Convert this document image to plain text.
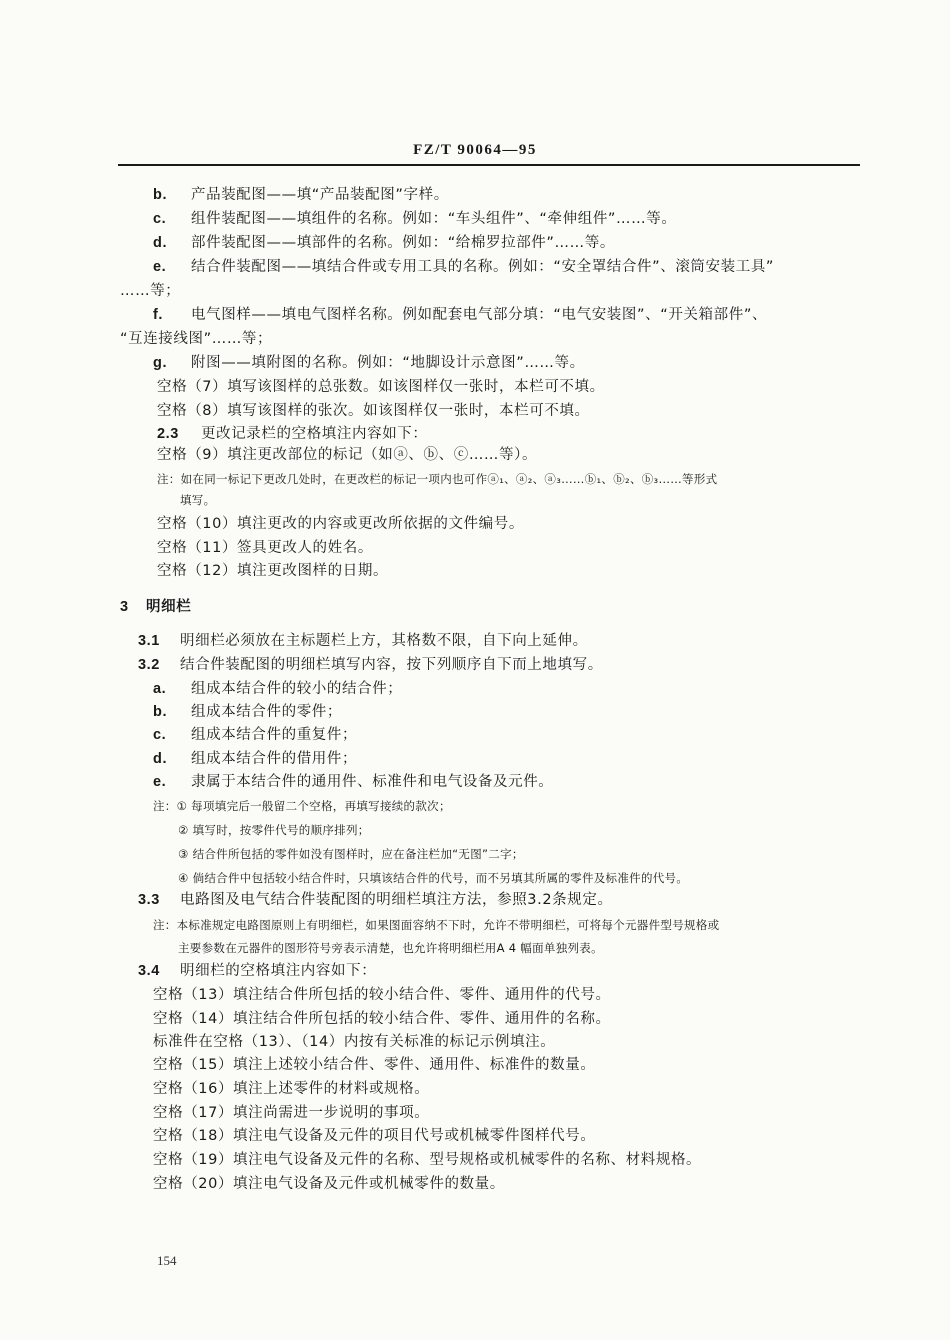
FZ/T 90064—95
b. 产品装配图——填“产品装配图”字样。
c. 组件装配图——填组件的名称。例如：“车头组件”、“牵伸组件”……等。
d. 部件装配图——填部件的名称。例如：“给棉罗拉部件”……等。
e. 结合件装配图——填结合件或专用工具的名称。例如：“安全罩结合件”、滚筒安装工具”
……等；
f. 电气图样——填电气图样名称。例如配套电气部分填：“电气安装图”、“开关箱部件”、
“互连接线图”……等；
g. 附图——填附图的名称。例如：“地脚设计示意图”……等。
空格（7）填写该图样的总张数。如该图样仅一张时，本栏可不填。
空格（8）填写该图样的张次。如该图样仅一张时，本栏可不填。
2.3 更改记录栏的空格填注内容如下：
空格（9）填注更改部位的标记（如ⓐ、ⓑ、ⓒ……等）。
注：如在同一标记下更改几处时，在更改栏的标记一项内也可作ⓐ₁、ⓐ₂、ⓐ₃……ⓑ₁、ⓑ₂、ⓑ₃……等形式
填写。
空格（10）填注更改的内容或更改所依据的文件编号。
空格（11）签具更改人的姓名。
空格（12）填注更改图样的日期。
3 明细栏
3.1 明细栏必须放在主标题栏上方，其格数不限，自下向上延伸。
3.2 结合件装配图的明细栏填写内容，按下列顺序自下而上地填写。
a. 组成本结合件的较小的结合件；
b. 组成本结合件的零件；
c. 组成本结合件的重复件；
d. 组成本结合件的借用件；
e. 隶属于本结合件的通用件、标准件和电气设备及元件。
注：① 每项填完后一般留二个空格，再填写接续的款次；
② 填写时，按零件代号的顺序排列；
③ 结合件所包括的零件如没有图样时，应在备注栏加“无图”二字；
④ 倘结合件中包括较小结合件时，只填该结合件的代号，而不另填其所属的零件及标准件的代号。
3.3 电路图及电气结合件装配图的明细栏填注方法，参照3.2条规定。
注：本标准规定电路图原则上有明细栏，如果图面容纳不下时，允许不带明细栏，可将每个元器件型号规格或
主要参数在元器件的图形符号旁表示清楚，也允许将明细栏用A 4 幅面单独列表。
3.4 明细栏的空格填注内容如下：
空格（13）填注结合件所包括的较小结合件、零件、通用件的代号。
空格（14）填注结合件所包括的较小结合件、零件、通用件的名称。
标准件在空格（13）、（14）内按有关标准的标记示例填注。
空格（15）填注上述较小结合件、零件、通用件、标准件的数量。
空格（16）填注上述零件的材料或规格。
空格（17）填注尚需进一步说明的事项。
空格（18）填注电气设备及元件的项目代号或机械零件图样代号。
空格（19）填注电气设备及元件的名称、型号规格或机械零件的名称、材料规格。
空格（20）填注电气设备及元件或机械零件的数量。
154
